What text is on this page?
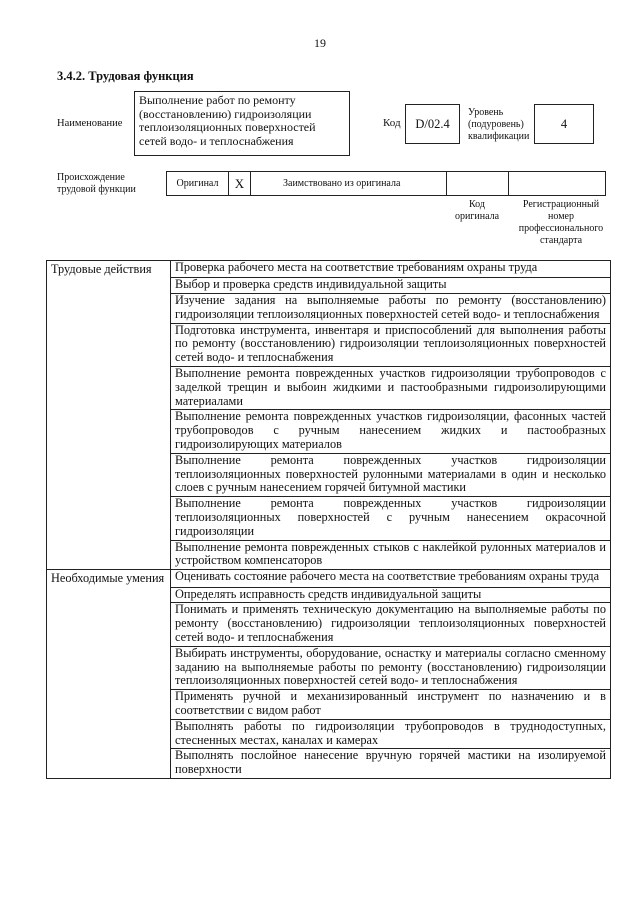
19
3.4.2. Трудовая функция
Наименование
Выполнение работ по ремонту (восстановлению) гидроизоляции теплоизоляционных поверхностей сетей водо- и теплоснабжения
Код	D/02.4
Уровень (подуровень) квалификации
4
Происхождение трудовой функции
Оригинал	X	Заимствовано из оригинала
Код оригинала
Регистрационный номер профессионального стандарта
Трудовые действия	Проверка рабочего места на соответствие требованиям охраны труда
	Выбор и проверка средств индивидуальной защиты
	Изучение задания на выполняемые работы по ремонту (восстановлению) гидроизоляции теплоизоляционных поверхностей сетей водо- и теплоснабжения
	Подготовка инструмента, инвентаря и приспособлений для выполнения работы по ремонту (восстановлению) гидроизоляции теплоизоляционных поверхностей сетей водо- и теплоснабжения
	Выполнение ремонта поврежденных участков гидроизоляции трубопроводов с заделкой трещин и выбоин жидкими и пастообразными гидроизолирующими материалами
	Выполнение ремонта поврежденных участков гидроизоляции, фасонных частей трубопроводов с ручным нанесением жидких и пастообразных гидроизолирующих материалов
	Выполнение ремонта поврежденных участков гидроизоляции теплоизоляционных поверхностей рулонными материалами в один и несколько слоев с ручным нанесением горячей битумной мастики
	Выполнение ремонта поврежденных участков гидроизоляции теплоизоляционных поверхностей с ручным нанесением окрасочной гидроизоляции
	Выполнение ремонта поврежденных стыков с наклейкой рулонных материалов и устройством компенсаторов
Необходимые умения	Оценивать состояние рабочего места на соответствие требованиям охраны труда
	Определять исправность средств индивидуальной защиты
	Понимать и применять техническую документацию на выполняемые работы по ремонту (восстановлению) гидроизоляции теплоизоляционных поверхностей сетей водо- и теплоснабжения
	Выбирать инструменты, оборудование, оснастку и материалы согласно сменному заданию на выполняемые работы по ремонту (восстановлению) гидроизоляции теплоизоляционных поверхностей сетей водо- и теплоснабжения
	Применять ручной и механизированный инструмент по назначению и в соответствии с видом работ
	Выполнять работы по гидроизоляции трубопроводов в труднодоступных, стесненных местах, каналах и камерах
	Выполнять послойное нанесение вручную горячей мастики на изолируемой поверхности
